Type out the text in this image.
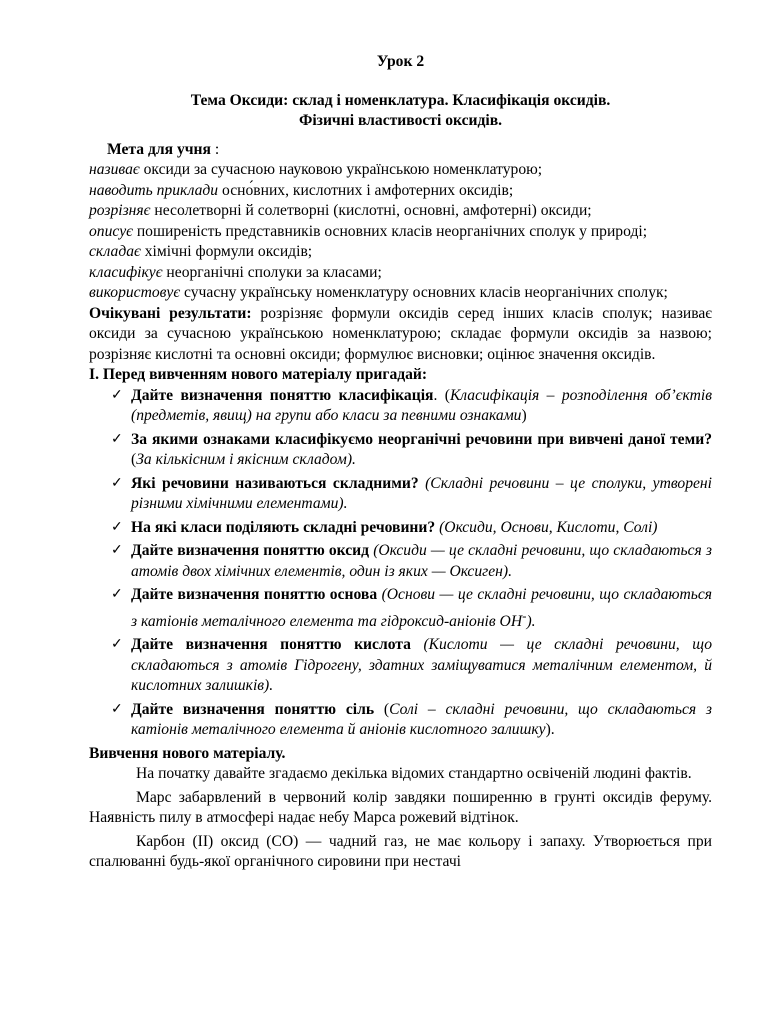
Урок 2

Тема Оксиди: склад і номенклатура. Класифікація оксидів.

Фізичні властивості оксидів.

Мета для учня :

називає оксиди за сучасною науковою українською номенклатурою;

наводить приклади осно́вних, кислотних і амфотерних оксидів;

розрізняє несолетворні й солетворні (кислотні, основні, амфотерні) оксиди;

описує поширеність представників основних класів неорганічних сполук у природі;

складає хімічні формули оксидів;

класифікує неорганічні сполуки за класами;

використовує сучасну українську номенклатуру основних класів неорганічних сполук;

Очікувані результати: розрізняє формули оксидів серед інших класів сполук; називає оксиди за сучасною українською номенклатурою; складає формули оксидів за назвою; розрізняє кислотні та основні оксиди; формулює висновки; оцінює значення оксидів.

І. Перед вивченням нового матеріалу пригадай:

✓ Дайте визначення поняттю класифікація. (Класифікація – розподілення об’єктів (предметів, явищ) на групи або класи за певними ознаками)
✓ За якими ознаками класифікуємо неорганічні речовини при вивчені даної теми? (За кількісним і якісним складом).
✓ Які речовини називаються складними? (Складні речовини – це сполуки, утворені різними хімічними елементами).
✓ На які класи поділяють складні речовини? (Оксиди, Основи, Кислоти, Солі)
✓ Дайте визначення поняттю оксид (Оксиди — це складні речовини, що складаються з атомів двох хімічних елементів, один із яких — Оксиген).
✓ Дайте визначення поняттю основа (Основи — це складні речовини, що складаються з катіонів металічного елемента та гідроксид-аніонів ОН-).
✓ Дайте визначення поняттю кислота (Кислоти — це складні речовини, що складаються з атомів Гідрогену, здатних заміщуватися металічним елементом, й кислотних залишків).
✓ Дайте визначення поняттю сіль (Солі – складні речовини, що складаються з катіонів металічного елемента й аніонів кислотного залишку).

Вивчення нового матеріалу.

На початку давайте згадаємо декілька відомих стандартно освіченій людині фактів.

Марс забарвлений в червоний колір завдяки поширенню в грунті оксидів феруму. Наявність пилу в атмосфері надає небу Марса рожевий відтінок.

Карбон (II) оксид (СО) — чадний газ, не має кольору і запаху. Утворюється при спалюванні будь-якої органічного сировини при нестачі
